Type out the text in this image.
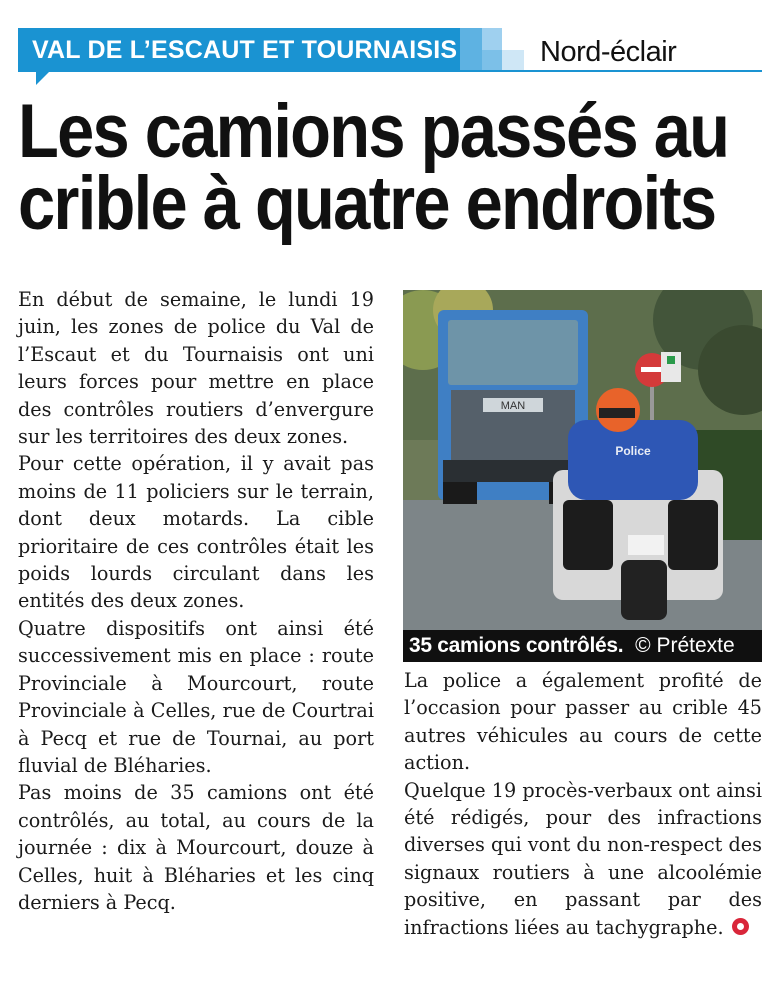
VAL DE L’ESCAUT ET TOURNAISIS	Nord-éclair
Les camions passés au
crible à quatre endroits

En début de semaine, le lundi 19 juin, les zones de police du Val de l’Escaut et du Tournaisis ont uni leurs forces pour mettre en place des contrôles routiers d’envergure sur les territoires des deux zones.

Pour cette opération, il y avait pas moins de 11 policiers sur le terrain, dont deux motards. La cible prioritaire de ces contrôles était les poids lourds circulant dans les entités des deux zones.

Quatre dispositifs ont ainsi été successivement mis en place : route Provinciale à Mourcourt, route Provinciale à Celles, rue de Courtrai à Pecq et rue de Tournai, au port fluvial de Bléharies.

Pas moins de 35 camions ont été contrôlés, au total, au cours de la journée : dix à Mourcourt, douze à Celles, huit à Bléharies et les cinq derniers à Pecq.

MAN
Police
35 camions contrôlés. © Prétexte

La police a également profité de l’occasion pour passer au crible 45 autres véhicules au cours de cette action.

Quelque 19 procès-verbaux ont ainsi été rédigés, pour des infractions diverses qui vont du non-respect des signaux routiers à une alcoolémie positive, en passant par des infractions liées au tachygraphe.
